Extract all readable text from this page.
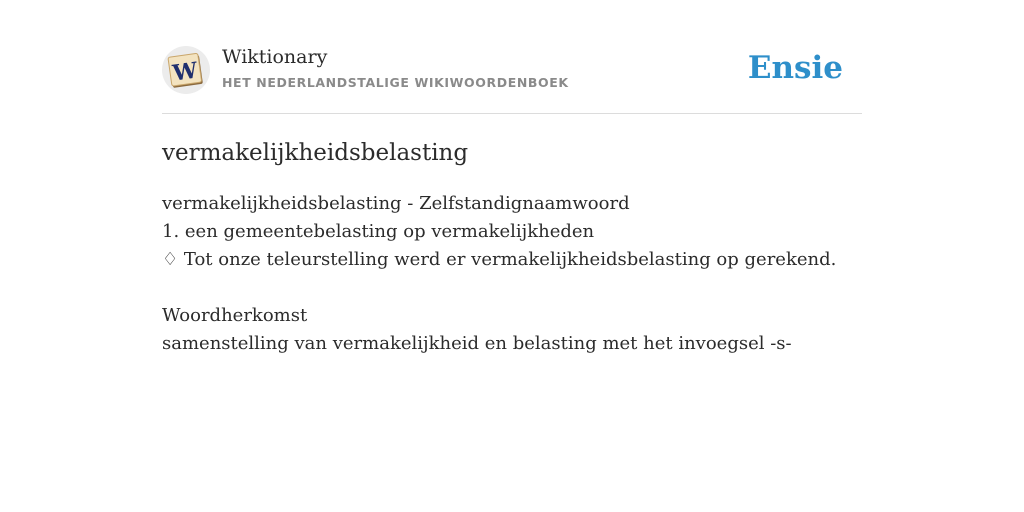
W
Wiktionary
HET NEDERLANDSTALIGE WIKIWOORDENBOEK	Ensie
vermakelijkheidsbelasting
vermakelijkheidsbelasting - Zelfstandignaamwoord
1. een gemeentebelasting op vermakelijkheden
♢ Tot onze teleurstelling werd er vermakelijkheidsbelasting op gerekend.
Woordherkomst
samenstelling van vermakelijkheid en belasting met het invoegsel -s-
